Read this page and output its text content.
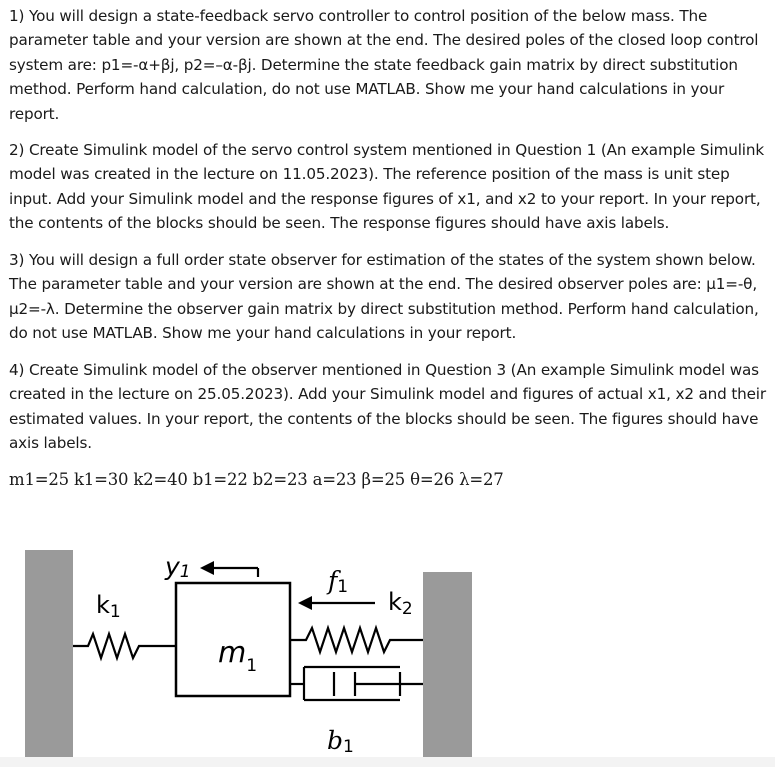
1) You will design a state-feedback servo controller to control position of the below mass. The parameter table and your version are shown at the end. The desired poles of the closed loop control system are: p1=-α+βj, p2=–α-βj. Determine the state feedback gain matrix by direct substitution method. Perform hand calculation, do not use MATLAB. Show me your hand calculations in your report.

2) Create Simulink model of the servo control system mentioned in Question 1 (An example Simulink model was created in the lecture on 11.05.2023). The reference position of the mass is unit step input. Add your Simulink model and the response figures of x1, and x2 to your report. In your report, the contents of the blocks should be seen. The response figures should have axis labels.

3) You will design a full order state observer for estimation of the states of the system shown below. The parameter table and your version are shown at the end. The desired observer poles are: μ1=-θ, μ2=-λ. Determine the observer gain matrix by direct substitution method. Perform hand calculation, do not use MATLAB. Show me your hand calculations in your report.

4) Create Simulink model of the observer mentioned in Question 3 (An example Simulink model was created in the lecture on 25.05.2023). Add your Simulink model and figures of actual x1, x2 and their estimated values. In your report, the contents of the blocks should be seen. The figures should have axis labels.

m1=25 k1=30 k2=40 b1=22 b2=23 a=23 β=25 θ=26 λ=27
y1	f1
k1	k2
$m_1$
b1
